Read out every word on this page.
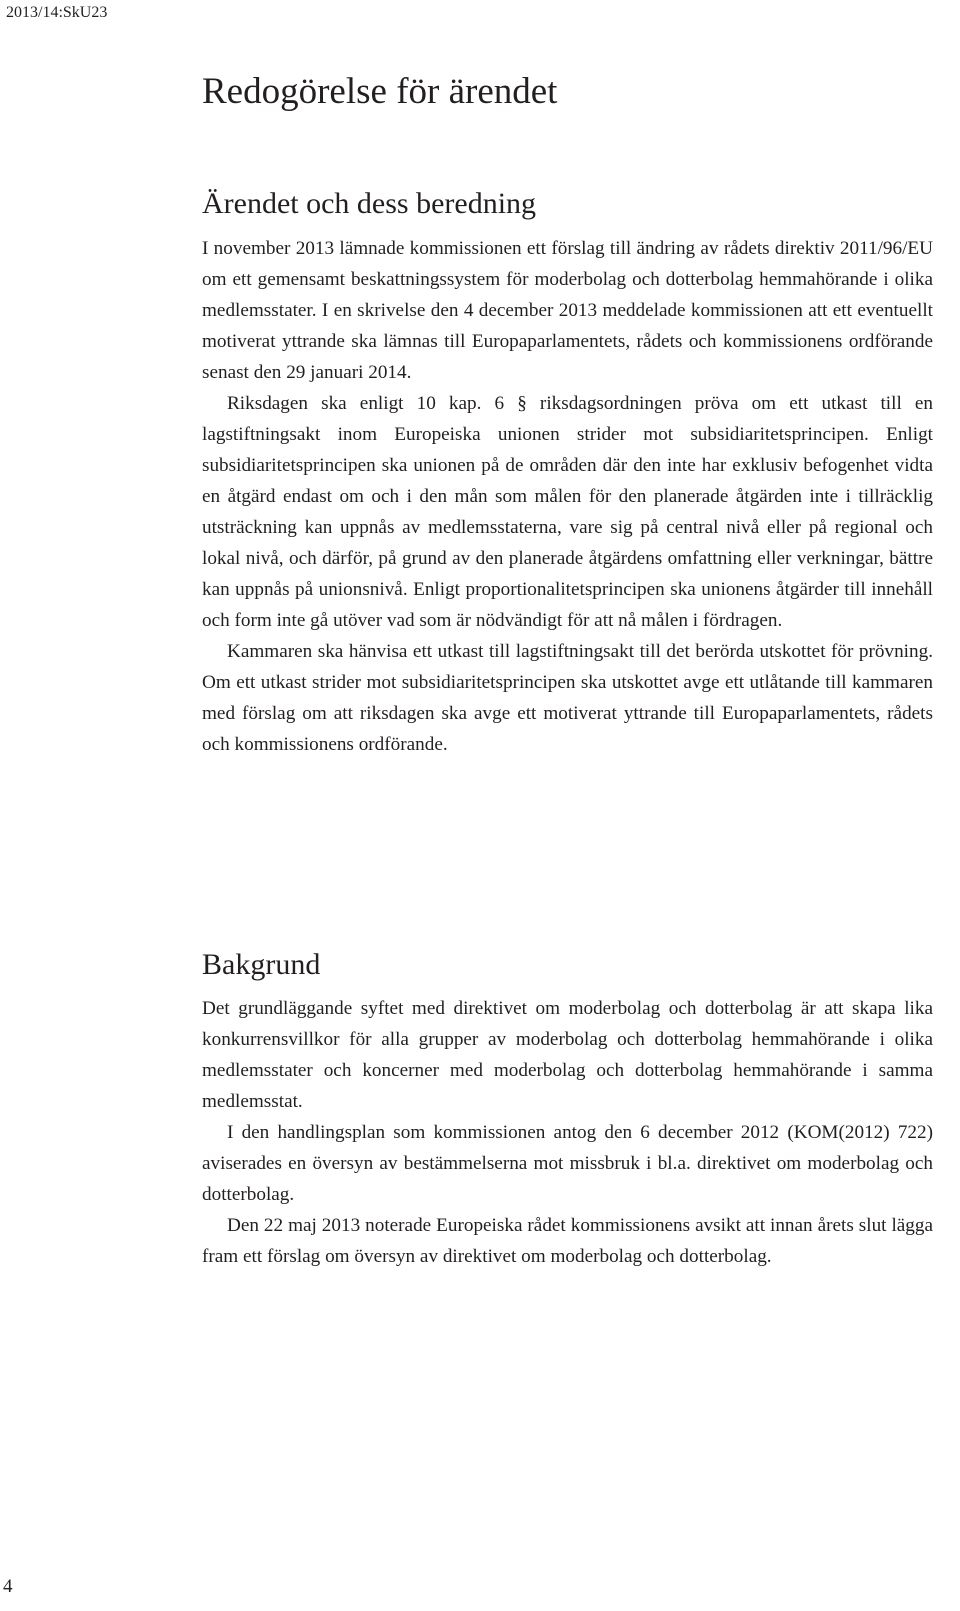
2013/14:SkU23
Redogörelse för ärendet
Ärendet och dess beredning

I november 2013 lämnade kommissionen ett förslag till ändring av rådets direktiv 2011/96/EU om ett gemensamt beskattningssystem för moderbolag och dotterbolag hemmahörande i olika medlemsstater. I en skrivelse den 4 december 2013 meddelade kommissionen att ett eventuellt motiverat yttrande ska lämnas till Europaparlamentets, rådets och kommissionens ordförande senast den 29 januari 2014.

Riksdagen ska enligt 10 kap. 6 § riksdagsordningen pröva om ett utkast till en lagstiftningsakt inom Europeiska unionen strider mot subsidiaritetsprincipen. Enligt subsidiaritetsprincipen ska unionen på de områden där den inte har exklusiv befogenhet vidta en åtgärd endast om och i den mån som målen för den planerade åtgärden inte i tillräcklig utsträckning kan uppnås av medlemsstaterna, vare sig på central nivå eller på regional och lokal nivå, och därför, på grund av den planerade åtgärdens omfattning eller verkningar, bättre kan uppnås på unionsnivå. Enligt proportionalitetsprincipen ska unionens åtgärder till innehåll och form inte gå utöver vad som är nödvändigt för att nå målen i fördragen.

Kammaren ska hänvisa ett utkast till lagstiftningsakt till det berörda utskottet för prövning. Om ett utkast strider mot subsidiaritetsprincipen ska utskottet avge ett utlåtande till kammaren med förslag om att riksdagen ska avge ett motiverat yttrande till Europaparlamentets, rådets och kommissionens ordförande.

Bakgrund

Det grundläggande syftet med direktivet om moderbolag och dotterbolag är att skapa lika konkurrensvillkor för alla grupper av moderbolag och dotterbolag hemmahörande i olika medlemsstater och koncerner med moderbolag och dotterbolag hemmahörande i samma medlemsstat.

I den handlingsplan som kommissionen antog den 6 december 2012 (KOM(2012) 722) aviserades en översyn av bestämmelserna mot missbruk i bl.a. direktivet om moderbolag och dotterbolag.

Den 22 maj 2013 noterade Europeiska rådet kommissionens avsikt att innan årets slut lägga fram ett förslag om översyn av direktivet om moderbolag och dotterbolag.

4
